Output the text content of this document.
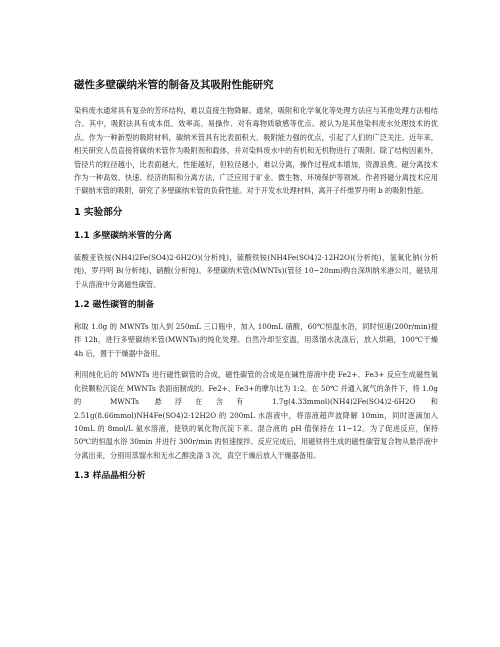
磁性多壁碳纳米管的制备及其吸附性能研究

染料废水通常具有复杂的芳环结构，难以直接生物降解。通常，吸附和化学氧化等处理方法应与其他处理方法相结合。其中，吸附法具有成本低、效率高、易操作、对有毒物质敏感等优点。被认为是其他染料废水处理技术的优点。作为一种新型的吸附材料，碳纳米管具有比表面积大、吸附能力强的优点，引起了人们的广泛关注。近年来，相关研究人员直接将碳纳米管作为吸附剂和载体，并对染料废水中的有机和无机物进行了吸附。除了结构因素外，管径片的粒径越小，比表面越大，性能越好，但粒径越小，难以分离，操作过程成本增加，资源浪费。磁分离技术作为一种高效、快速、经济的阳和分离方法，广泛应用于矿业、微生物、环境保护等领域。作者将磁分离技术应用于碳纳米管的吸附，研究了多壁碳纳米管的负荷性能。对于开发水处理材料，离开子纤维罗丹明 b 的吸附性能。

1 实验部分
1.1 多壁碳纳米管的分离

硫酸亚铁铵(NH4)2Fe(SO4)2·6H2O)(分析纯)，硫酸铁铵(NH4Fe(SO4)2·12H2O)(分析纯)，氢氧化钠(分析纯)，罗丹明 B(分析纯)，硝酸(分析纯)。多壁碳纳米管(MWNTs)(管径 10~20nm)购自深圳纳米港公司，磁铁用于从溶液中分离磁性碳管。

1.2 磁性碳管的制备

称取 1.0g 的 MWNTs 加入到 250mL 三口瓶中，加入 100mL 硝酸，60℃恒温水浴，同时恒速(200r/min)搅拌 12h，进行多壁碳纳米管(MWNTs)的纯化处理。自然冷却至室温，用蒸馏水洗涤后，放入烘箱，100℃干燥 4h 后，置于干燥器中备用。

利用纯化后的 MWNTs 进行磁性碳管的合成，磁性碳管的合成是在碱性溶液中使 Fe2+、Fe3+ 反应生成磁性氧化铁颗粒沉淀在 MWNTs 表面而制成的。Fe2+、Fe3+的摩尔比为 1:2。在 50℃ 并通入氮气的条件下，将 1.0g 的 MWNTs 悬浮在含有 1.7g(4.33mmol)(NH4)2Fe(SO4)2·6H2O 和 2.51g(8.66mmol)NH4Fe(SO4)2·12H2O 的 200mL 水溶液中，将溶液超声波降解 10min，同时逐滴加入 10mL 的 8mol/L 氨水溶液，使铁的氧化物沉淀下来。混合液的 pH 值保持在 11~12。为了促进反应，保持 50℃的恒温水浴 30min 并进行 300r/min 的恒速搅拌。反应完成后，用磁铁将生成的磁性碳管复合物从悬浮液中分离出来，分别用蒸馏水和无水乙醇洗涤 3 次，真空干燥后放入干燥器备用。

1.3 样品晶相分析
